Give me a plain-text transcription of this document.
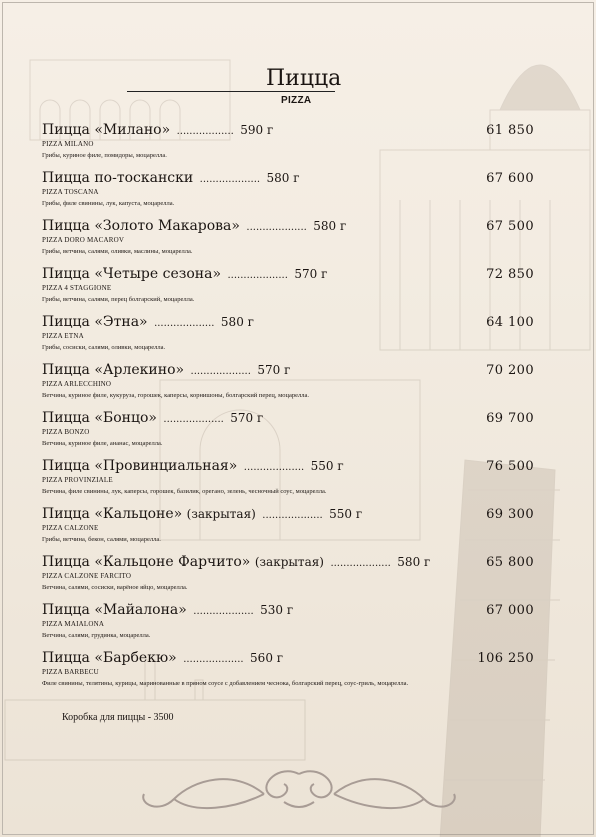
Пицца
PIZZA
Пицца «Милано» .................. 590 г	61 850
PIZZA MILANO
Грибы, куриное филе, помидоры, моцарелла.
Пицца по-тоскански ................... 580 г	67 600
PIZZA TOSCANA
Грибы, филе свинины, лук, капуста, моцарелла.
Пицца «Золото Макарова» ................... 580 г	67 500
PIZZA DORO MACAROV
Грибы, ветчина, салями, оливки, маслины, моцарелла.
Пицца «Четыре сезона» ................... 570 г	72 850
PIZZA 4 STAGGIONE
Грибы, ветчина, салями, перец болгарский, моцарелла.
Пицца «Этна» ................... 580 г	64 100
PIZZA ETNA
Грибы, сосиски, салями, оливки, моцарелла.
Пицца «Арлекино» ................... 570 г	70 200
PIZZA ARLECCHINO
Ветчина, куриное филе, кукуруза, горошек, каперсы, корнишоны, болгарский перец, моцарелла.
Пицца «Бонцо» ................... 570 г	69 700
PIZZA BONZO
Ветчина, куриное филе, ананас, моцарелла.
Пицца «Провинциальная» ................... 550 г	76 500
PIZZA PROVINZIALE
Ветчина, филе свинины, лук, каперсы, горошек, базилик, орегано, зелень, чесночный соус, моцарелла.
Пицца «Кальцоне» (закрытая) ................... 550 г	69 300
PIZZA CALZONE
Грибы, ветчина, бекон, салями, моцарелла.
Пицца «Кальцоне Фарчито» (закрытая) ................... 580 г	65 800
PIZZA CALZONE FARCITO
Ветчина, салями, сосиски, варёное яйцо, моцарелла.
Пицца «Майалона» ................... 530 г	67 000
PIZZA MAIALONA
Ветчина, салями, грудинка, моцарелла.
Пицца «Барбекю» ................... 560 г	106 250
PIZZA BARBECU
Филе свинины, телятины, курицы, маринованные в пряном соусе с добавлением чеснока, болгарский перец, соус-гриль, моцарелла.
Коробка для пиццы - 3500
